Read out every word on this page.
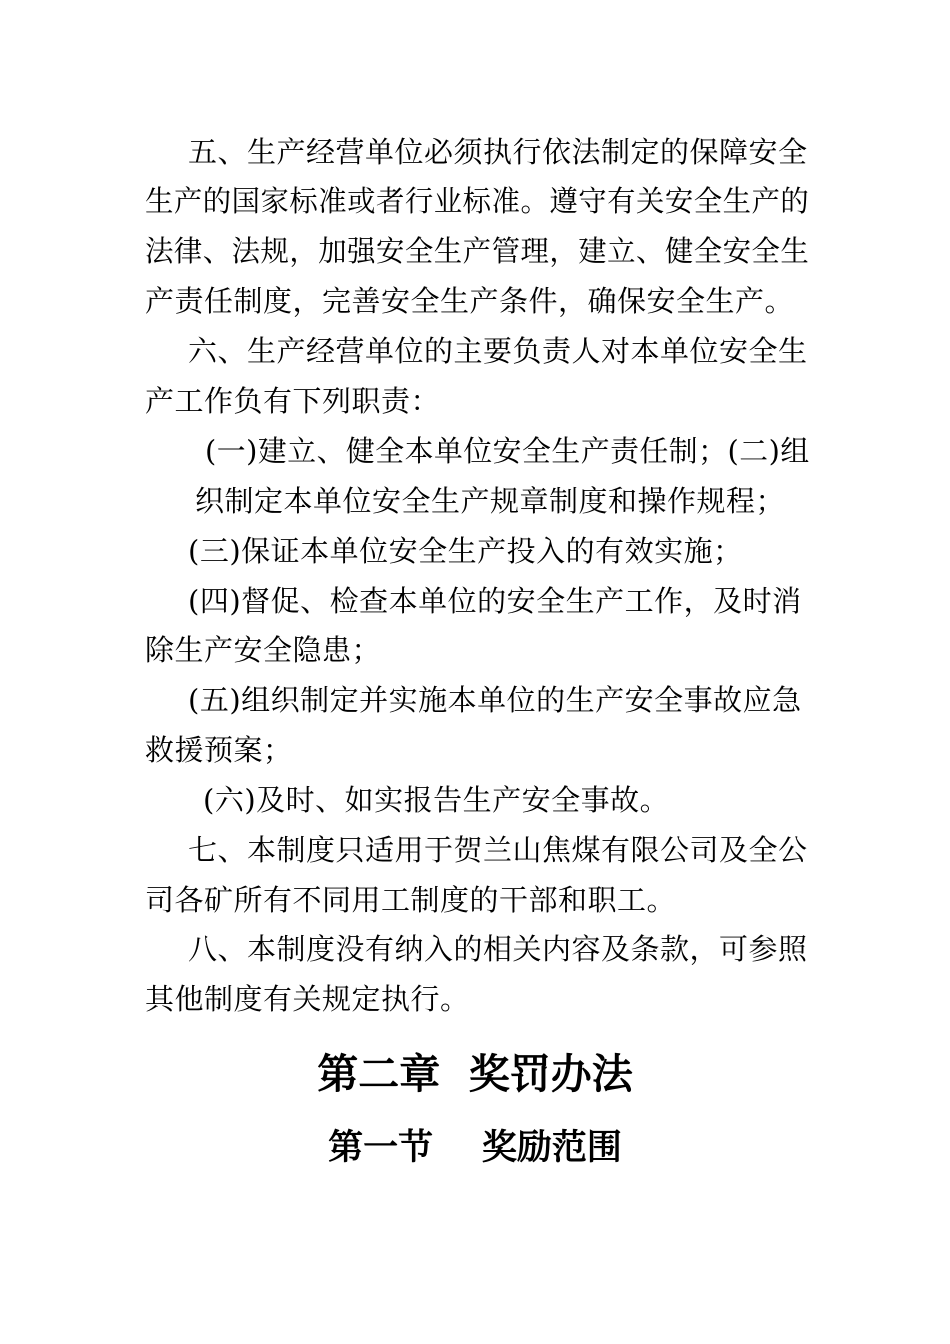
五、生产经营单位必须执行依法制定的保障安全
生产的国家标准或者行业标准。遵守有关安全生产的
法律、法规，加强安全生产管理，建立、健全安全生
产责任制度，完善安全生产条件，确保安全生产。
六、生产经营单位的主要负责人对本单位安全生
产工作负有下列职责：
(一)建立、健全本单位安全生产责任制；(二)组
织制定本单位安全生产规章制度和操作规程；
(三)保证本单位安全生产投入的有效实施；
(四)督促、检查本单位的安全生产工作，及时消
除生产安全隐患；
(五)组织制定并实施本单位的生产安全事故应急
救援预案；
(六)及时、如实报告生产安全事故。
七、本制度只适用于贺兰山焦煤有限公司及全公
司各矿所有不同用工制度的干部和职工。
八、本制度没有纳入的相关内容及条款，可参照
其他制度有关规定执行。
第二章  奖罚办法
第一节    奖励范围
